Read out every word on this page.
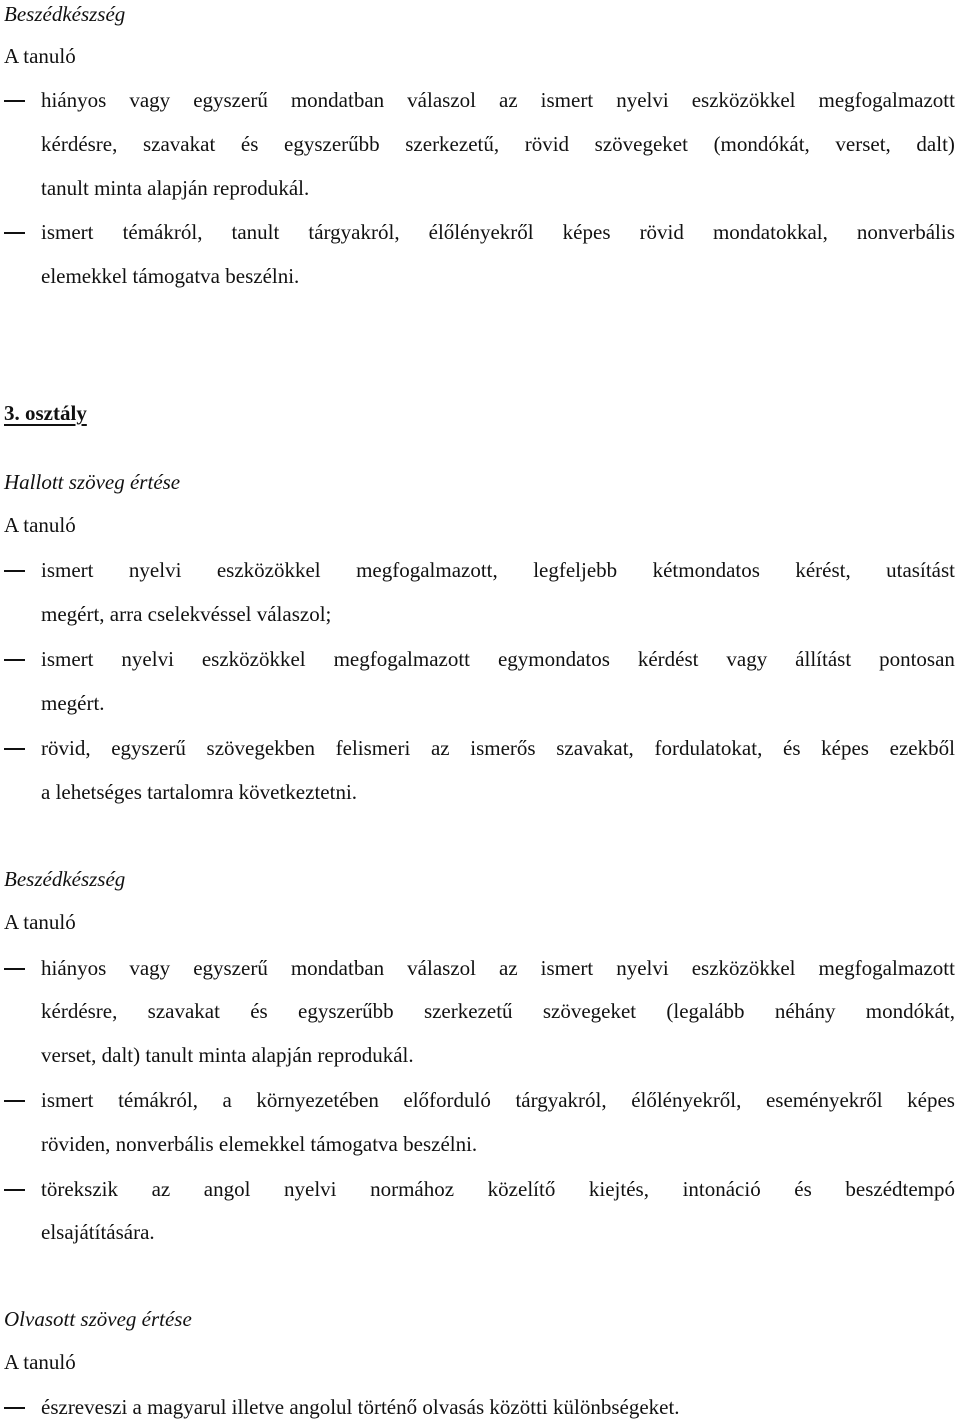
Beszédkészség
A tanuló
hiányos vagy egyszerű mondatban válaszol az ismert nyelvi eszközökkel megfogalmazott
kérdésre, szavakat és egyszerűbb szerkezetű, rövid szövegeket (mondókát, verset, dalt)
tanult minta alapján reprodukál.
ismert témákról, tanult tárgyakról, élőlényekről képes rövid mondatokkal, nonverbális
elemekkel támogatva beszélni.
3. osztály
Hallott szöveg értése
A tanuló
ismert nyelvi eszközökkel megfogalmazott, legfeljebb kétmondatos kérést, utasítást
megért, arra cselekvéssel válaszol;
ismert nyelvi eszközökkel megfogalmazott egymondatos kérdést vagy állítást pontosan
megért.
rövid, egyszerű szövegekben felismeri az ismerős szavakat, fordulatokat, és képes ezekből
a lehetséges tartalomra következtetni.
Beszédkészség
A tanuló
hiányos vagy egyszerű mondatban válaszol az ismert nyelvi eszközökkel megfogalmazott
kérdésre, szavakat és egyszerűbb szerkezetű szövegeket (legalább néhány mondókát,
verset, dalt) tanult minta alapján reprodukál.
ismert témákról, a környezetében előforduló tárgyakról, élőlényekről, eseményekről képes
röviden, nonverbális elemekkel támogatva beszélni.
törekszik az angol nyelvi normához közelítő kiejtés, intonáció és beszédtempó
elsajátítására.
Olvasott szöveg értése
A tanuló
észreveszi a magyarul illetve angolul történő olvasás közötti különbségeket.
